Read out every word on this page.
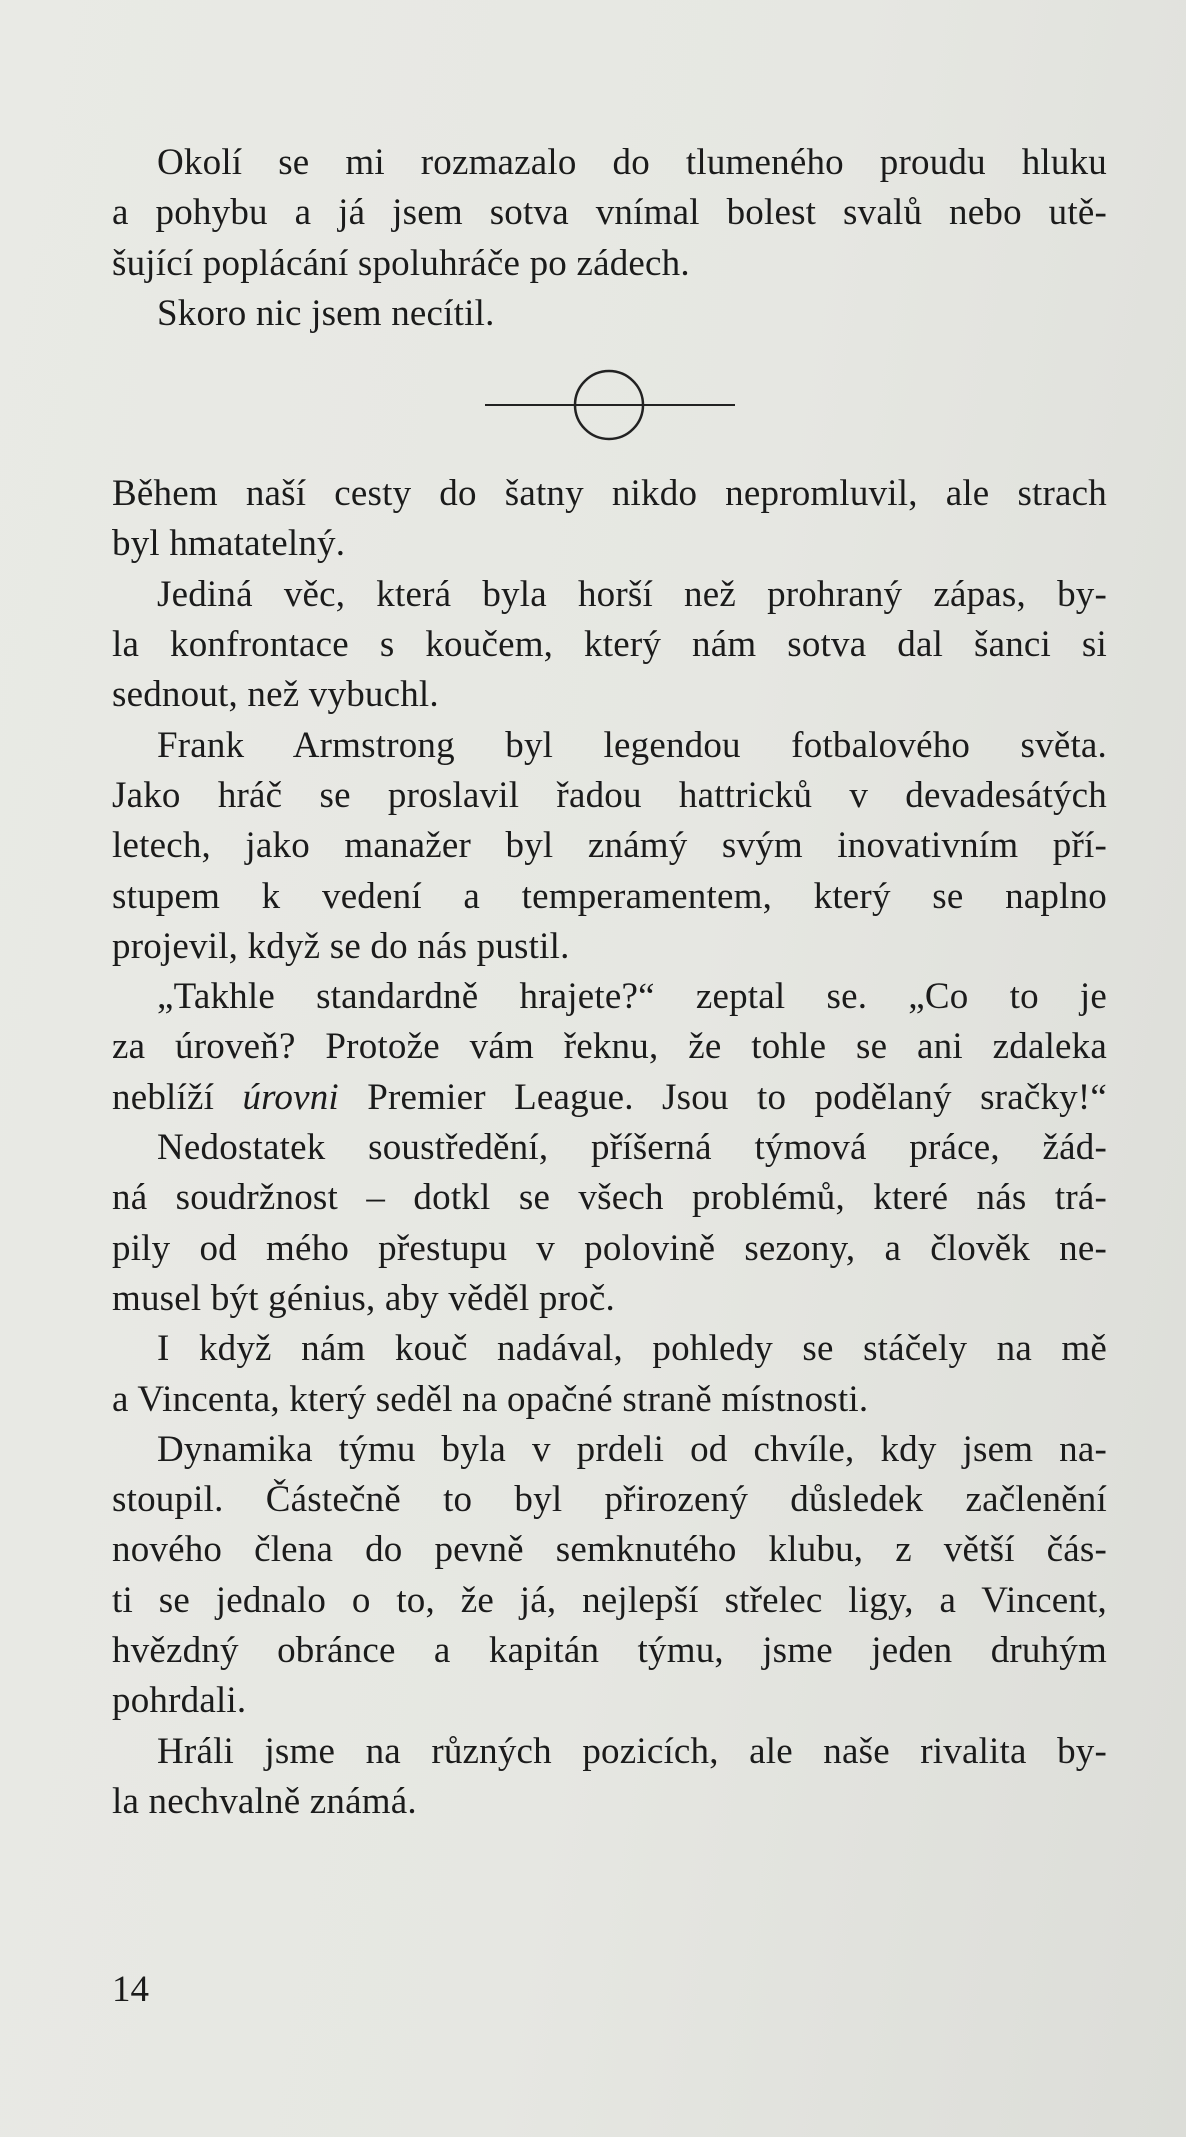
Okolí se mi rozmazalo do tlumeného proudu hluku
a pohybu a já jsem sotva vnímal bolest svalů nebo utě-
šující poplácání spoluhráče po zádech.

Skoro nic jsem necítil.

Během naší cesty do šatny nikdo nepromluvil, ale strach
byl hmatatelný.

Jediná věc, která byla horší než prohraný zápas, by-
la konfrontace s koučem, který nám sotva dal šanci si
sednout, než vybuchl.

Frank Armstrong byl legendou fotbalového světa.
Jako hráč se proslavil řadou hattricků v devadesátých
letech, jako manažer byl známý svým inovativním pří-
stupem k vedení a temperamentem, který se naplno
projevil, když se do nás pustil.

„Takhle standardně hrajete?“ zeptal se. „Co to je
za úroveň? Protože vám řeknu, že tohle se ani zdaleka
neblíží úrovni Premier League. Jsou to podělaný sračky!“

Nedostatek soustředění, příšerná týmová práce, žád-
ná soudržnost – dotkl se všech problémů, které nás trá-
pily od mého přestupu v polovině sezony, a člověk ne-
musel být génius, aby věděl proč.

I když nám kouč nadával, pohledy se stáčely na mě
a Vincenta, který seděl na opačné straně místnosti.

Dynamika týmu byla v prdeli od chvíle, kdy jsem na-
stoupil. Částečně to byl přirozený důsledek začlenění
nového člena do pevně semknutého klubu, z větší čás-
ti se jednalo o to, že já, nejlepší střelec ligy, a Vincent,
hvězdný obránce a kapitán týmu, jsme jeden druhým
pohrdali.

Hráli jsme na různých pozicích, ale naše rivalita by-
la nechvalně známá.

14
